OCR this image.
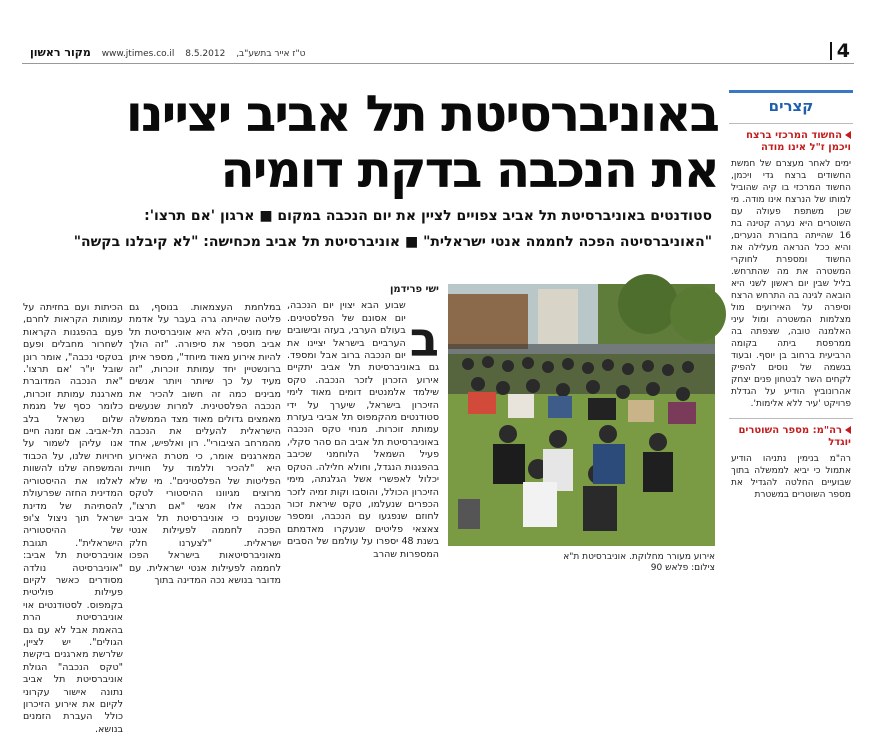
4
ט"ז אייר בתשע"ב, 8.5.2012 www.jtimes.co.il מקור ראשון
באוניברסיטת תל אביב יציינו
את הנכבה בדקת דומיה
סטודנטים באוניברסיטת תל אביב צפויים לציין את יום הנכבה במקום ■ ארגון 'אם תרצו':
"האוניברסיטה הפכה לחממה אנטי ישראלית" ■ אוניברסיטת תל אביב מכחישה: "לא קיבלנו בקשה"
קצרים
החשוד המרכזי ברצח ויכמן ז"ל אינו מודה
ימים לאחר מעצרם של חמשת החשודים ברצח גדי ויכמן, החשוד המרכזי בו קיה שהוביל למותו של הנרצח אינו מודה. מי שכן משתפת פעולה עם השוטרים היא נערה קטינה בת 16 שהייתה בחבורת הנערים, והיא ככל הנראה מעלילה את החשוד ומספרת לחוקרי המשטרה את מה שהתרחש. בליל שבין יום ראשון לשני היא הובאה לגינה בה התרחש הרצח וסיפרה על האירועים מול מצלמות המשטרה ומול עיני האלמנה טובה, שצפתה בה ממרפסת ביתה בקומה הרביעית ברחוב בן יוסף. ובעוד בגשמה של נוסים להפיק לקחים השר לבטחון פנים יצחק אהרונוביץ הודיע על הגדלת פרויקט 'עיר ללא אלימות'.
רה"מ: מספר השוטרים יוגדל
רה"מ בנימין נתניהו הודיע אתמול כי יביא לממשלה בתוך שבועיים החלטה להגדיל את מספר השוטרים במשטרת
אירוע מעורר מחלוקת. אוניברסיטת ת"א
צילום: פלאש 90
ישי פרידמן
ב

שבוע הבא יצוין יום הנכבה, יום אסונם של הפלסטינים. בעולם הערבי, בעזה ובישובים הערביים בישראל יציינו את יום הנכבה ברוב אבל ומספד. גם באוניברסיטת תל אביב יתקיים אירוע הזכרון לזכר הנכבה. טקס שילמד אלמנטים דומים מאוד לימי הזיכרון בישראל, שיערך על ידי סטודנטים מהקמפוס תל אביבי בעזרת עמותת זוכרות. מנחי טקס הנכבה באוניברסיטת תל אביב הם סהר סקלי, פעיל השמאל הלוחמני שכיבב בהפגנות הנגדל, וחולא חלילה. הטקס יכלול לאפשרי אשל הגלגתה, מימי הזיכרון הכולל, והוסבו וקות זמיה לזכר הכפרים שנעלמו, טקס שיראת זכור לחוזם שנפגעו עם הנכבה, ומספר צאצאי פליטים שנעקרו מאדמתם בשנת 48 יספרו על עולמם של הסבים המספרות שהרב

במלחמת העצמאות. בנוסף, גם פליטה שהייתה גרה בעבר על אדמת שיח מוניס, הלא היא אוניברסיטת תל אביב תספר את סיפורה. "זה הולך להיות אירוע מאוד מיוחד", מספר איתן ברונשטיין יחד עמותת זוכרות, "זה מעיד על כך שיותר ויותר אנשים מבינים כמה זה חשוב להכיר את הנכבה הפלסטינית. למרות שנעשים מאמצים גדולים מאוד מצד הממשלה הישראלית להעלים את הנכבה מהמרחב הציבורי". רון ואלפיש, אחד המארגנים אומר, כי מטרת האירוע היא "להכיר וללמוד על חוויית הפליטות של הפלסטינים". מי שלא מרוצים מגיוונו ההיסטורי לטקס הנכבה אלו אנשי "אם תרצו", שטוענים כי אוניברסיטת תל אביב הפכה לחממה לפעילות אנטי ישראלית. "לצערנו חלק מאוניברסיטאות בישראל הפכו לחממה לפעילות אנטי ישראלית. עם מדובר בנושא נכה המדינה בתוך

הכיתות ועם בחזיתה על עמותות הקראות לחרם, פעם בהפגנות הקראות לשחרור מחבלים ופעם בטקסי נכבה", אומר רונן שובל יו"ר 'אם תרצו'. "את הנכבה המדוברת מארגנת עמותת זוכרות, כלומר כסף של מגמת שלום נשראל בלב תל-אביב. אם זמנה חיים אנו עליהן לשמור על חירויות שלנו, על הכבוד והמשפחה שלנו להשוות לאלמו את ההיסטוריה המדינית החזה שפרעולת להסתיהת של מדינת ישראל תוך ניצול צ'ופ של ההיסטוריה הישראלית". תגובת אוניברסיטת תל אביב: "אוניברסיטה נולדה מסודרים כאשר לקיום פעילות פוליטית בקמפוס. לסטודנטים אוי אוניברסיטת הרת בהאמת אבל לא עם גם הגולים". יש לציין, שלרשת מארגנים ביקשת "טקס הנכבה" הגולת אוניברסיטת תל אביב נתונה אישור עקרוני לקיום את אירוע הזיכרון כולל העברת הזמנים בנושא.
